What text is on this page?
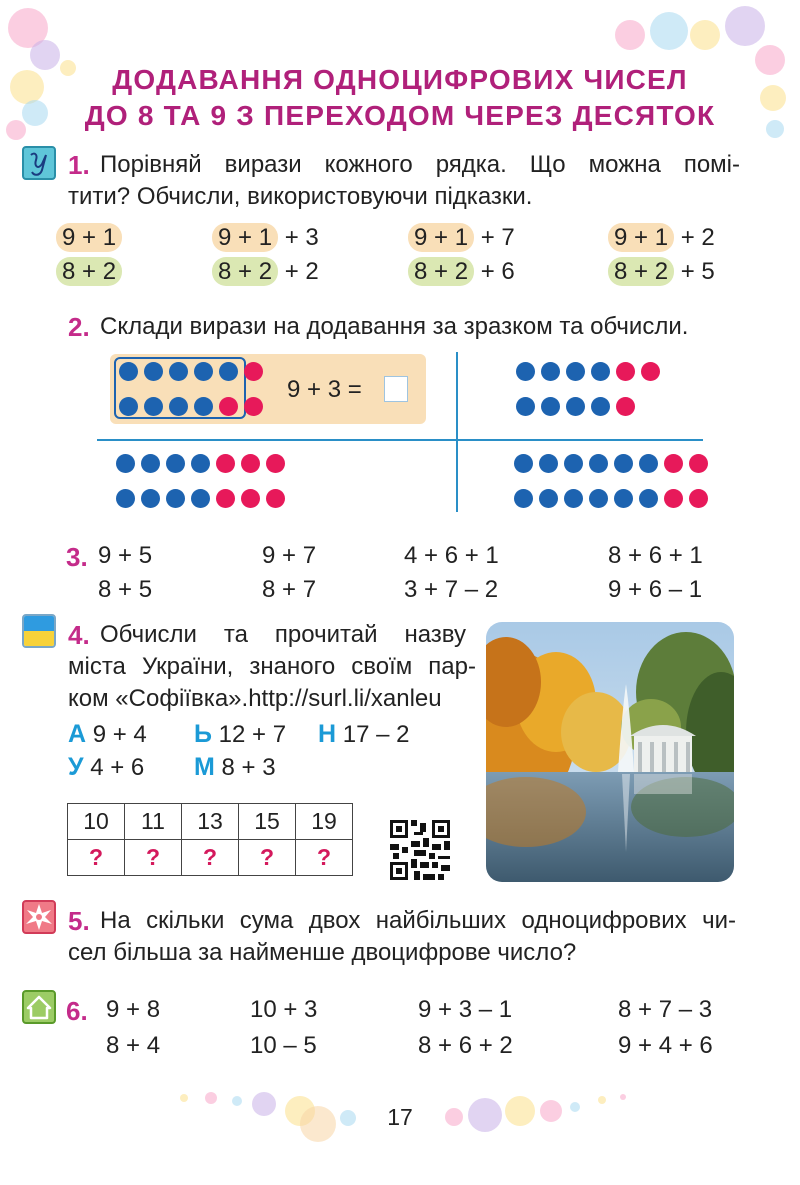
ДОДАВАННЯ ОДНОЦИФРОВИХ ЧИСЕЛ
ДО 8 ТА 9 З ПЕРЕХОДОМ ЧЕРЕЗ ДЕСЯТОК
1. Порівняй вирази кожного рядка. Що можна помі-
тити? Обчисли, використовуючи підказки.
9 + 1	9 + 1 + 3	9 + 1 + 7	9 + 1 + 2
8 + 2	8 + 2 + 2	8 + 2 + 6	8 + 2 + 5
2. Склади вирази на додавання за зразком та обчисли.
9 + 3 =
3. 9 + 5	9 + 7	4 + 6 + 1	8 + 6 + 1
8 + 5	8 + 7	3 + 7 – 2	9 + 6 – 1
4. Обчисли та прочитай назву
міста України, знаного своїм пар-
ком «Софіївка».http://surl.li/xanleu
А 9 + 4 Ь 12 + 7 Н 17 – 2
У 4 + 6 М 8 + 3
10	11	13	15	19
?	?	?	?	?
5. На скільки сума двох найбільших одноцифрових чи-
сел більша за найменше двоцифрове число?
6. 9 + 8	10 + 3	9 + 3 – 1	8 + 7 – 3
8 + 4	10 – 5	8 + 6 + 2	9 + 4 + 6
17
